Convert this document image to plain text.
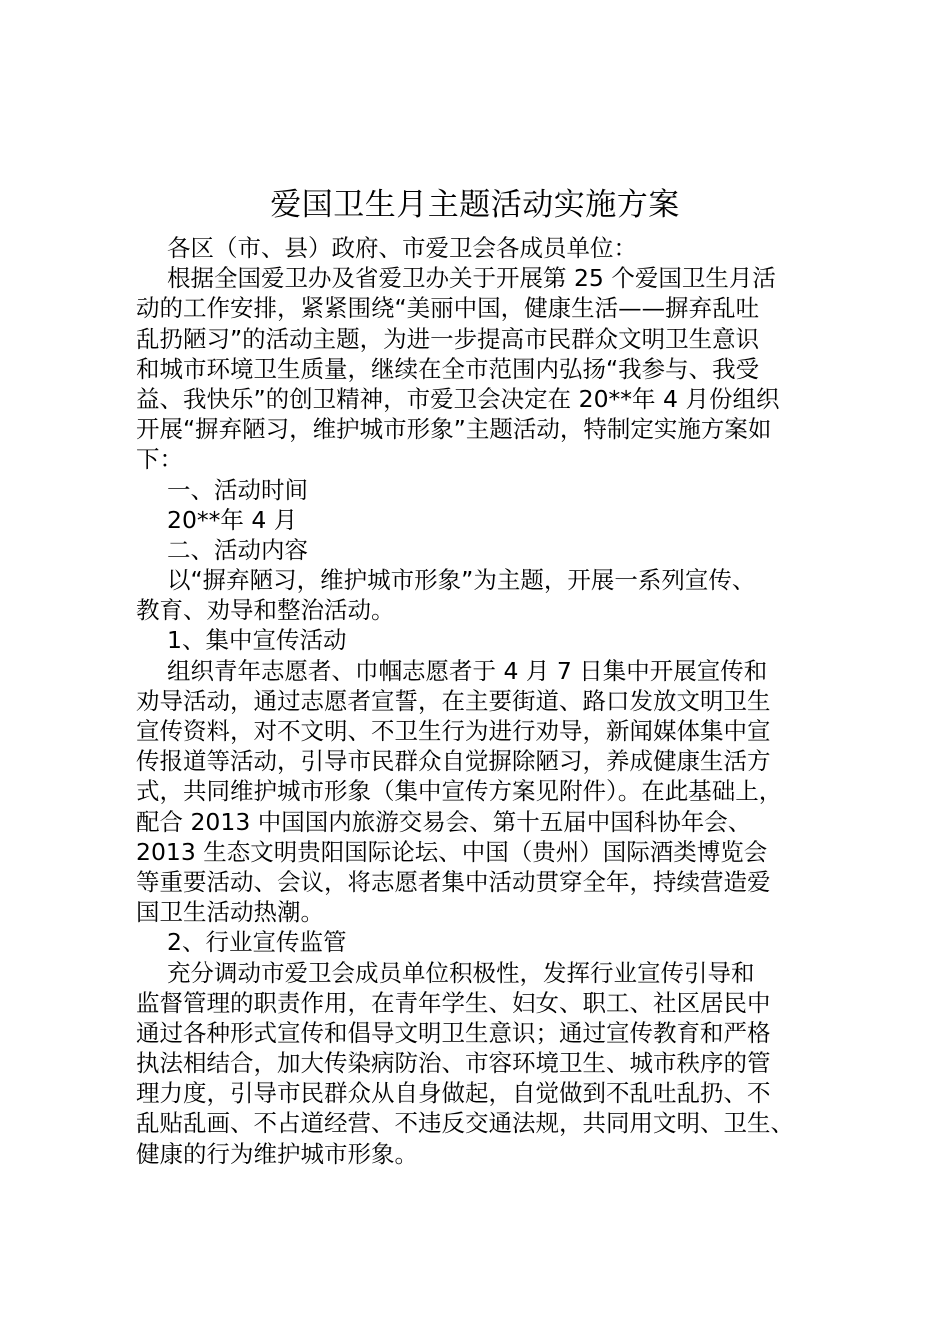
爱国卫生月主题活动实施方案
各区（市、县）政府、市爱卫会各成员单位：
根据全国爱卫办及省爱卫办关于开展第 25 个爱国卫生月活
动的工作安排，紧紧围绕“美丽中国，健康生活——摒弃乱吐
乱扔陋习”的活动主题，为进一步提高市民群众文明卫生意识
和城市环境卫生质量，继续在全市范围内弘扬“我参与、我受
益、我快乐”的创卫精神，市爱卫会决定在 20**年 4 月份组织
开展“摒弃陋习，维护城市形象”主题活动，特制定实施方案如
下：
一、活动时间
20**年 4 月
二、活动内容
以“摒弃陋习，维护城市形象”为主题，开展一系列宣传、
教育、劝导和整治活动。
1、集中宣传活动
组织青年志愿者、巾帼志愿者于 4 月 7 日集中开展宣传和
劝导活动，通过志愿者宣誓，在主要街道、路口发放文明卫生
宣传资料，对不文明、不卫生行为进行劝导，新闻媒体集中宣
传报道等活动，引导市民群众自觉摒除陋习，养成健康生活方
式，共同维护城市形象（集中宣传方案见附件）。在此基础上，
配合 2013 中国国内旅游交易会、第十五届中国科协年会、
2013 生态文明贵阳国际论坛、中国（贵州）国际酒类博览会
等重要活动、会议，将志愿者集中活动贯穿全年，持续营造爱
国卫生活动热潮。
2、行业宣传监管
充分调动市爱卫会成员单位积极性，发挥行业宣传引导和
监督管理的职责作用，在青年学生、妇女、职工、社区居民中
通过各种形式宣传和倡导文明卫生意识；通过宣传教育和严格
执法相结合，加大传染病防治、市容环境卫生、城市秩序的管
理力度，引导市民群众从自身做起，自觉做到不乱吐乱扔、不
乱贴乱画、不占道经营、不违反交通法规，共同用文明、卫生、
健康的行为维护城市形象。
